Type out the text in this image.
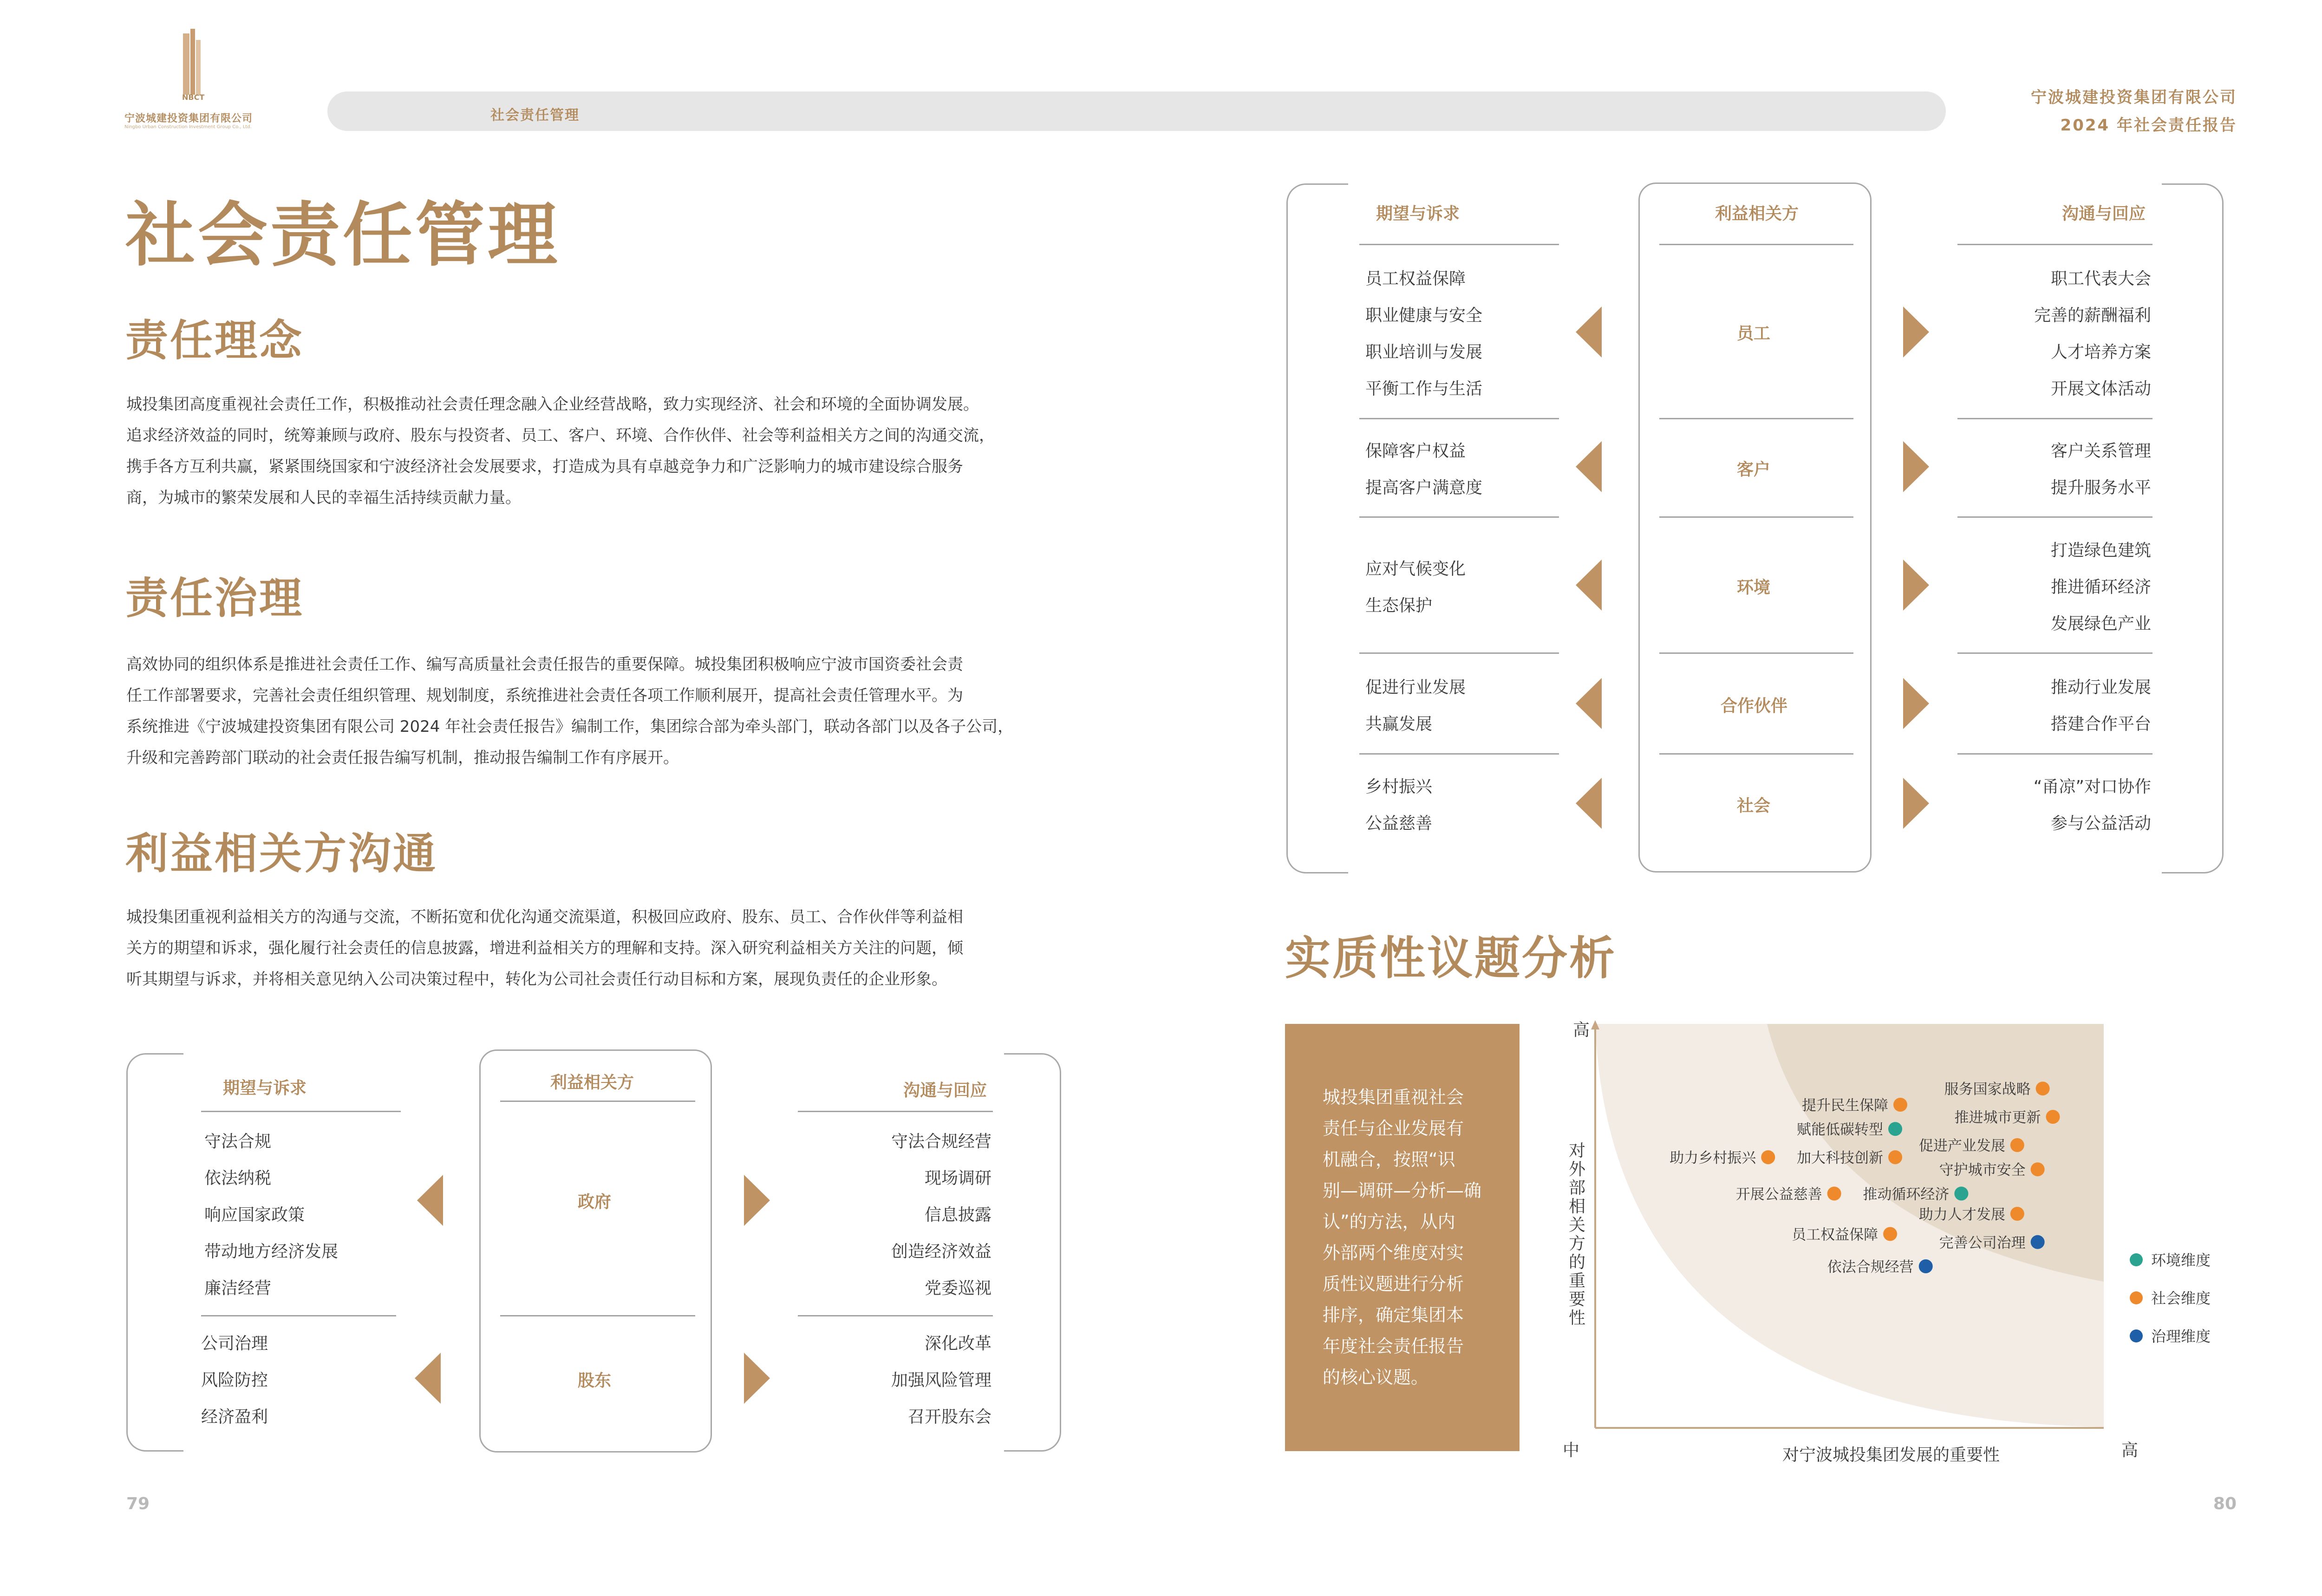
NBCT
宁波城建投资集团有限公司
Ningbo Urban Construction Investment Group Co., Ltd.
社会责任管理
宁波城建投资集团有限公司
2024 年社会责任报告
社会责任管理
责任理念
城投集团高度重视社会责任工作，积极推动社会责任理念融入企业经营战略，致力实现经济、社会和环境的全面协调发展。
追求经济效益的同时，统筹兼顾与政府、股东与投资者、员工、客户、环境、合作伙伴、社会等利益相关方之间的沟通交流，
携手各方互利共赢，紧紧围绕国家和宁波经济社会发展要求，打造成为具有卓越竞争力和广泛影响力的城市建设综合服务
商，为城市的繁荣发展和人民的幸福生活持续贡献力量。
责任治理
高效协同的组织体系是推进社会责任工作、编写高质量社会责任报告的重要保障。城投集团积极响应宁波市国资委社会责
任工作部署要求，完善社会责任组织管理、规划制度，系统推进社会责任各项工作顺利展开，提高社会责任管理水平。为
系统推进《宁波城建投资集团有限公司 2024 年社会责任报告》编制工作，集团综合部为牵头部门，联动各部门以及各子公司，
升级和完善跨部门联动的社会责任报告编写机制，推动报告编制工作有序展开。
利益相关方沟通
城投集团重视利益相关方的沟通与交流，不断拓宽和优化沟通交流渠道，积极回应政府、股东、员工、合作伙伴等利益相
关方的期望和诉求，强化履行社会责任的信息披露，增进利益相关方的理解和支持。深入研究利益相关方关注的问题，倾
听其期望与诉求，并将相关意见纳入公司决策过程中，转化为公司社会责任行动目标和方案，展现负责任的企业形象。
期望与诉求	利益相关方	沟通与回应
守法合规
依法纳税
响应国家政策
带动地方经济发展
廉洁经营
政府
守法合规经营
现场调研
信息披露
创造经济效益
党委巡视
公司治理
风险防控
经济盈利
股东
深化改革
加强风险管理
召开股东会
79
期望与诉求	利益相关方	沟通与回应
员工权益保障
职业健康与安全
职业培训与发展
平衡工作与生活
员工
职工代表大会
完善的薪酬福利
人才培养方案
开展文体活动
保障客户权益
提高客户满意度
客户
客户关系管理
提升服务水平
应对气候变化
生态保护
环境
打造绿色建筑
推进循环经济
发展绿色产业
促进行业发展
共赢发展
合作伙伴
推动行业发展
搭建合作平台
乡村振兴
公益慈善
社会
“甬凉”对口协作
参与公益活动
实质性议题分析
城投集团重视社会
责任与企业发展有
机融合，按照“识
别—调研—分析—确
认”的方法，从内
外部两个维度对实
质性议题进行分析
排序，确定集团本
年度社会责任报告
的核心议题。
高
中	高
对宁波城投集团发展的重要性
对
外
部
相
关
方
的
重
要
性
赋能低碳转型
推动循环经济
服务国家战略
提升民生保障
推进城市更新
促进产业发展
助力乡村振兴	加大科技创新
守护城市安全
开展公益慈善
助力人才发展
员工权益保障	完善公司治理
依法合规经营	环境维度
社会维度
治理维度
80
